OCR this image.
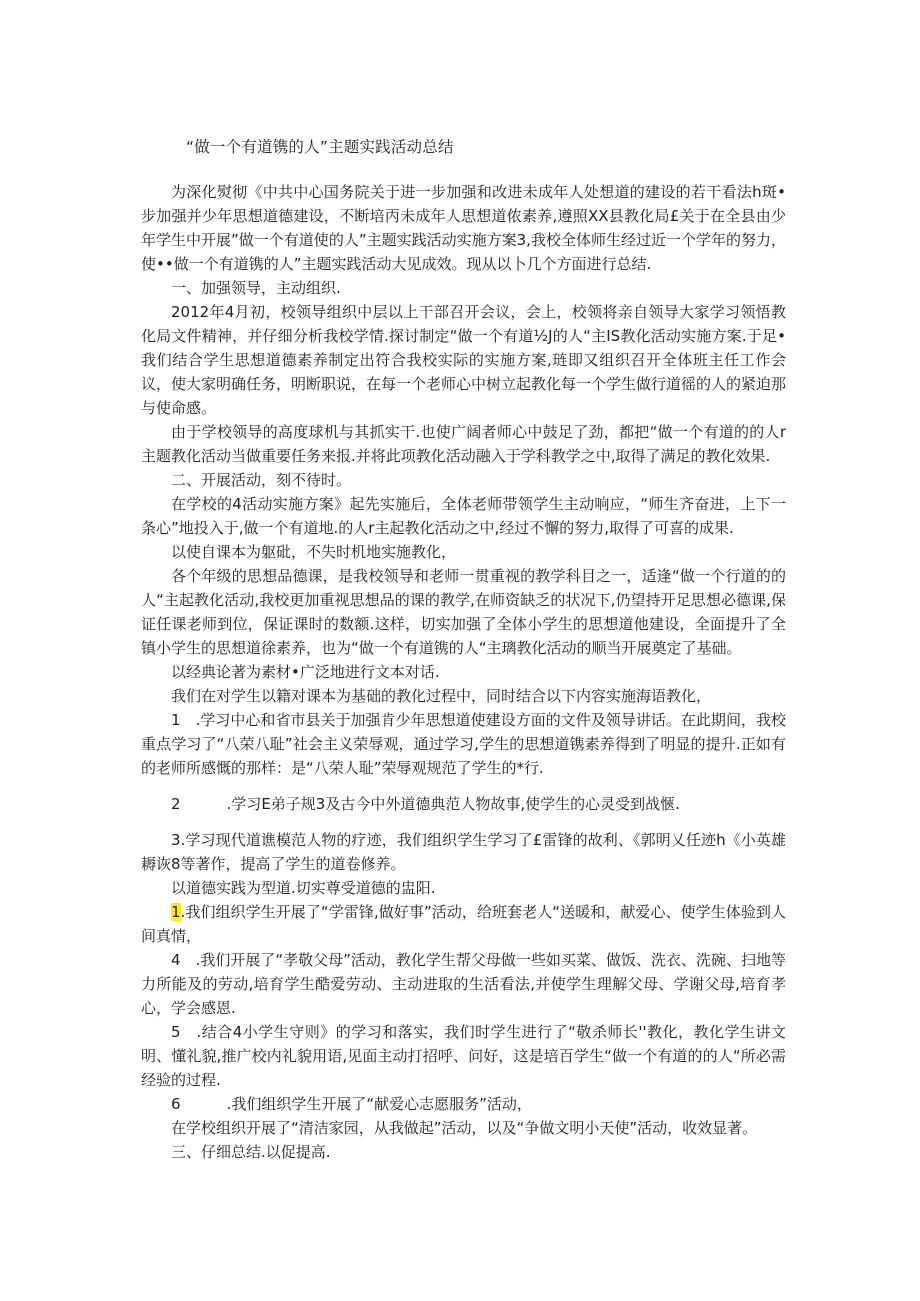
“做一个有道镌的人”主题实践活动总结

为深化熨彻《中共中心国务院关于进一步加强和改进未成年人处想道的建设的若干看法h斑•步加强并少年思想道德建设，不断培丙未成年人思想道侬素养,遵照XX县教化局£关于在全县由少年学生中开展”做一个有道使的人”主题实践活动实施方案3,我校全体师生经过近一个学年的努力，使••做一个有道镌的人”主题实践活动大见成效。现从以卜几个方面进行总结.

一、加强领导，主动组织.

2012年4月初，校领导组织中层以上干部召开会议，会上，校领将亲自领导大家学习领悟教化局文件精神，并仔细分析我校学情.探讨制定“做一个有道½J的人“主IS教化活动实施方案.于足•我们结合学生思想道德素养制定出符合我校实际的实施方案,琏即又组织召开全体班主任工作会议，使大家明确任务，明断职说，在每一个老师心中树立起教化每一个学生做行道徭的人的紧迫那与使命感。

由于学校领导的高度球机与其抓实干.也使广阔者师心中鼓足了劲，都把“做一个有道的的人r主题教化活动当做重要任务来报.并将此项教化活动融入于学科教学之中,取得了满足的教化效果.

二、开展活动，刻不待时。

在学校的4活动实施方案》起先实施后，全体老师带领学生主动响应，“师生齐奋进，上下一条心”地投入于,做一个有道地.的人r主起教化活动之中,经过不懈的努力,取得了可喜的成果.

以使自课本为躯砒，不失时机地实施教化，

各个年级的思想品德课，是我校领导和老师一贯重视的教学科目之一，适逢“做一个行道的的人“主起教化活动,我校更加重视思想品的课的教学,在师资缺乏的状况下,仍望持开足思想必德课,保证任课老师到位，保证课时的数额.这样，切实加强了全体小学生的思想道他建设，全面提升了全镇小学生的思想道徐素养，也为“做一个有道镌的人“主璃教化活动的顺当开展奠定了基础。

以经典论著为素材•广泛地进行文本对话.

我们在对学生以籍对课本为基础的教化过程中，同时结合以下内容实施海语教化，

1　.学习中心和省市县关于加强肯少年思想道使建设方面的文件及领导讲话。在此期间，我校重点学习了“八荣八耻”社会主义荣辱观，通过学习,学生的思想道镌素养得到了明显的提升.正如有的老师所感慨的那样：是“八荣人耻”荣辱观规范了学生的*行.

2	.学习E弟子规3及古今中外道德典范人物故事,使学生的心灵受到战愜.

3.学习现代道谯模范人物的疗迹，我们组织学生学习了£雷锋的故利、《郭明乂任迹h《小英雄耨诙8等著作，提高了学生的道卷修养。

以道德实践为型道.切实尊受道德的盅阳.

1.我们组织学生开展了“学雷锋,做好事”活动，给班套老人“送暖和，献爱心、使学生体验到人间真情，

4　.我们开展了“孝敬父母”活动，教化学生帮父母做一些如买菜、做饭、洗衣、洗碗、扫地等力所能及的劳动,培育学生酷爱劳动、主动进取的生活看法,并使学生理解父母、学谢父母,培育孝心，学会感恩.

5　.结合4小学生守则》的学习和落实，我们时学生进行了“敬杀师长''教化，教化学生讲文明、懂礼貌,推广校内礼貌用语,见面主动打招呼、问好，这是培百学生“做一个有道的的人“所必需经验的过程.

6	.我们组织学生开展了“献爱心志愿服务”活动，

在学校组织开展了“清洁家园，从我做起”活动，以及“争做文明小天使”活动，收效显著。

三、仔细总结.以促提高.
